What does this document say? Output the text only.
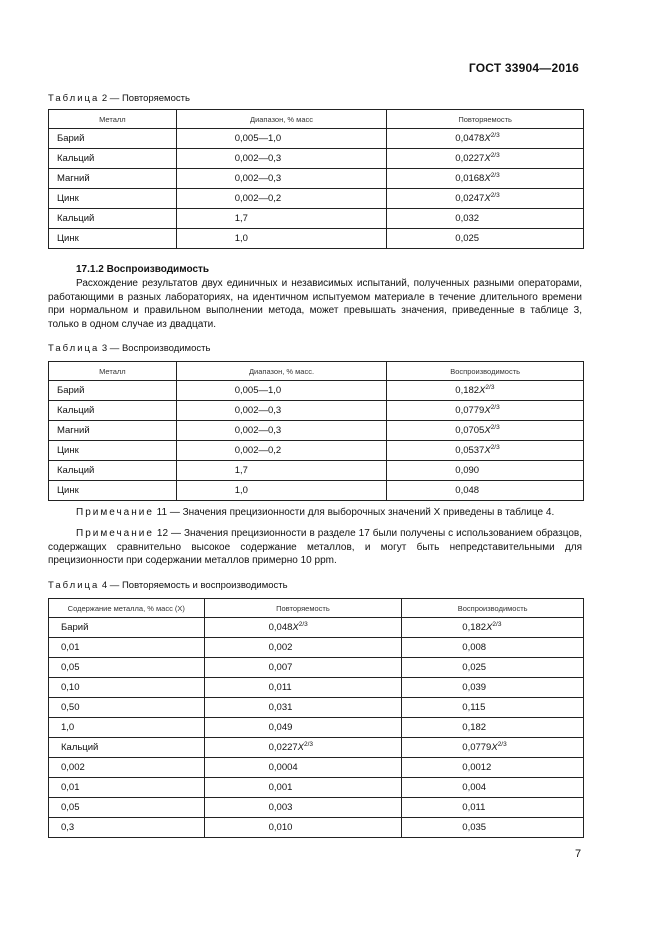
ГОСТ 33904—2016
Таблица 2 — Повторяемость
Металл	Диапазон, % масс	Повторяемость
Барий	0,005—1,0	$0,0478X^{2/3}$
Кальций	0,002—0,3	$0,0227X^{2/3}$
Магний	0,002—0,3	$0,0168X^{2/3}$
Цинк	0,002—0,2	$0,0247X^{2/3}$
Кальций	1,7	0,032
Цинк	1,0	0,025
17.1.2 Воспроизводимость
Расхождение результатов двух единичных и независимых испытаний, полученных разными операторами, работающими в разных лабораториях, на идентичном испытуемом материале в течение длительного времени при нормальном и правильном выполнении метода, может превышать значения, приведенные в таблице 3, только в одном случае из двадцати.
Таблица 3 — Воспроизводимость
Металл	Диапазон, % масс.	Воспроизводимость
Барий	0,005—1,0	$0,182X^{2/3}$
Кальций	0,002—0,3	$0,0779X^{2/3}$
Магний	0,002—0,3	$0,0705X^{2/3}$
Цинк	0,002—0,2	$0,0537X^{2/3}$
Кальций	1,7	0,090
Цинк	1,0	0,048
Примечание 11 — Значения прецизионности для выборочных значений X приведены в таблице 4.
Примечание 12 — Значения прецизионности в разделе 17 были получены с использованием образцов, содержащих сравнительно высокое содержание металлов, и могут быть непредставительными для прецизионности при содержании металлов примерно 10 ppm.
Таблица 4 — Повторяемость и воспроизводимость
Содержание металла, % масс (X)	Повторяемость	Воспроизводимость
Барий	$0,048X^{2/3}$	$0,182X^{2/3}$
0,01	0,002	0,008
0,05	0,007	0,025
0,10	0,011	0,039
0,50	0,031	0,115
1,0	0,049	0,182
Кальций	$0,0227X^{2/3}$	$0,0779X^{2/3}$
0,002	0,0004	0,0012
0,01	0,001	0,004
0,05	0,003	0,011
0,3	0,010	0,035
7
